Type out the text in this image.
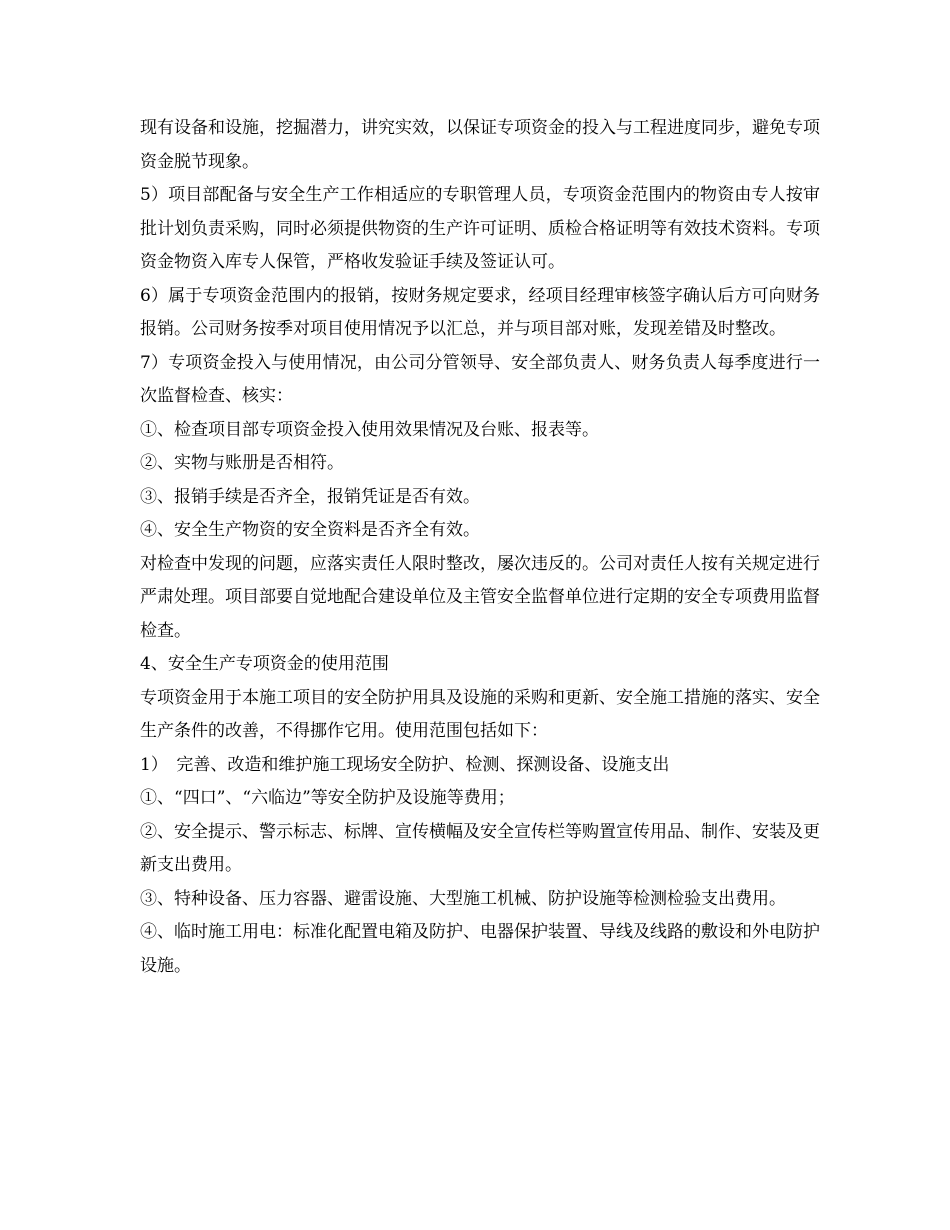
现有设备和设施，挖掘潜力，讲究实效，以保证专项资金的投入与工程进度同步，避免专项资金脱节现象。

5）项目部配备与安全生产工作相适应的专职管理人员，专项资金范围内的物资由专人按审批计划负责采购，同时必须提供物资的生产许可证明、质检合格证明等有效技术资料。专项资金物资入库专人保管，严格收发验证手续及签证认可。

6）属于专项资金范围内的报销，按财务规定要求，经项目经理审核签字确认后方可向财务报销。公司财务按季对项目使用情况予以汇总，并与项目部对账，发现差错及时整改。

7）专项资金投入与使用情况，由公司分管领导、安全部负责人、财务负责人每季度进行一次监督检查、核实：

①、检查项目部专项资金投入使用效果情况及台账、报表等。

②、实物与账册是否相符。

③、报销手续是否齐全，报销凭证是否有效。

④、安全生产物资的安全资料是否齐全有效。

对检查中发现的问题，应落实责任人限时整改，屡次违反的。公司对责任人按有关规定进行严肃处理。项目部要自觉地配合建设单位及主管安全监督单位进行定期的安全专项费用监督检查。

4、安全生产专项资金的使用范围

专项资金用于本施工项目的安全防护用具及设施的采购和更新、安全施工措施的落实、安全生产条件的改善，不得挪作它用。使用范围包括如下：

1）　完善、改造和维护施工现场安全防护、检测、探测设备、设施支出

①、“四口”、“六临边”等安全防护及设施等费用；

②、安全提示、警示标志、标牌、宣传横幅及安全宣传栏等购置宣传用品、制作、安装及更新支出费用。

③、特种设备、压力容器、避雷设施、大型施工机械、防护设施等检测检验支出费用。

④、临时施工用电：标准化配置电箱及防护、电器保护装置、导线及线路的敷设和外电防护设施。
